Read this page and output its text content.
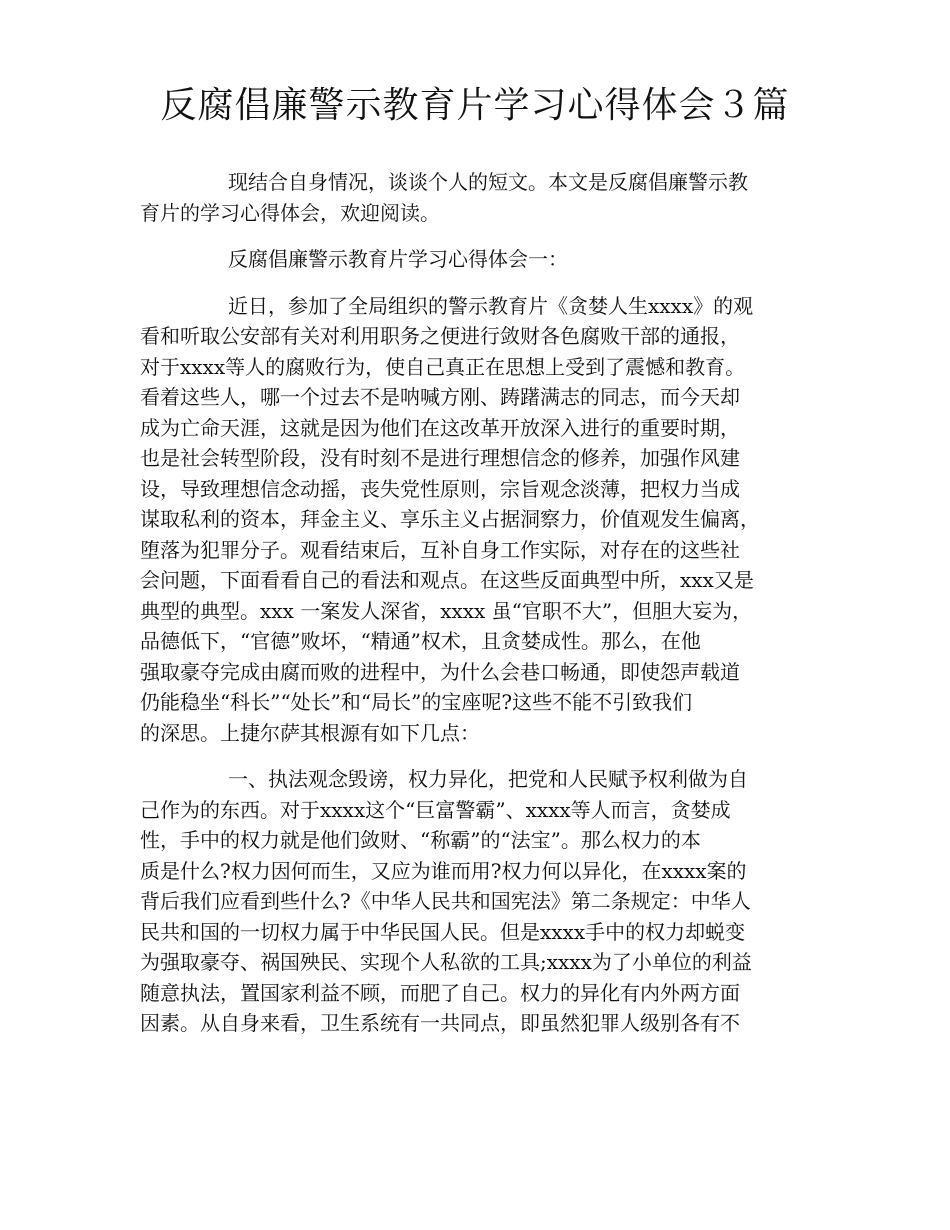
反腐倡廉警示教育片学习心得体会３篇
现结合自身情况，谈谈个人的短文。本文是反腐倡廉警示教
育片的学习心得体会，欢迎阅读。
反腐倡廉警示教育片学习心得体会一：
近日，参加了全局组织的警示教育片《贪婪人生xxxx》的观
看和听取公安部有关对利用职务之便进行敛财各色腐败干部的通报，
对于xxxx等人的腐败行为，使自己真正在思想上受到了震憾和教育。
看着这些人，哪一个过去不是呐喊方刚、踌躇满志的同志，而今天却
成为亡命天涯，这就是因为他们在这改革开放深入进行的重要时期，
也是社会转型阶段，没有时刻不是进行理想信念的修养，加强作风建
设，导致理想信念动摇，丧失党性原则，宗旨观念淡薄，把权力当成
谋取私利的资本，拜金主义、享乐主义占据洞察力，价值观发生偏离，
堕落为犯罪分子。观看结束后，互补自身工作实际，对存在的这些社
会问题，下面看看自己的看法和观点。在这些反面典型中所，xxx又是
典型的典型。xxx 一案发人深省，xxxx 虽“官职不大”，但胆大妄为，
品德低下，“官德”败坏，“精通”权术，且贪婪成性。那么，在他
强取豪夺完成由腐而败的进程中，为什么会巷口畅通，即使怨声载道
仍能稳坐“科长”“处长”和“局长”的宝座呢?这些不能不引致我们
的深思。上捷尔萨其根源有如下几点：
一、执法观念毁谤，权力异化，把党和人民赋予权利做为自
己作为的东西。对于xxxx这个“巨富警霸”、xxxx等人而言，贪婪成
性，手中的权力就是他们敛财、“称霸”的“法宝”。那么权力的本
质是什么?权力因何而生，又应为谁而用?权力何以异化，在xxxx案的
背后我们应看到些什么?《中华人民共和国宪法》第二条规定：中华人
民共和国的一切权力属于中华民国人民。但是xxxx手中的权力却蜕变
为强取豪夺、祸国殃民、实现个人私欲的工具;xxxx为了小单位的利益
随意执法，置国家利益不顾，而肥了自己。权力的异化有内外两方面
因素。从自身来看，卫生系统有一共同点，即虽然犯罪人级别各有不
